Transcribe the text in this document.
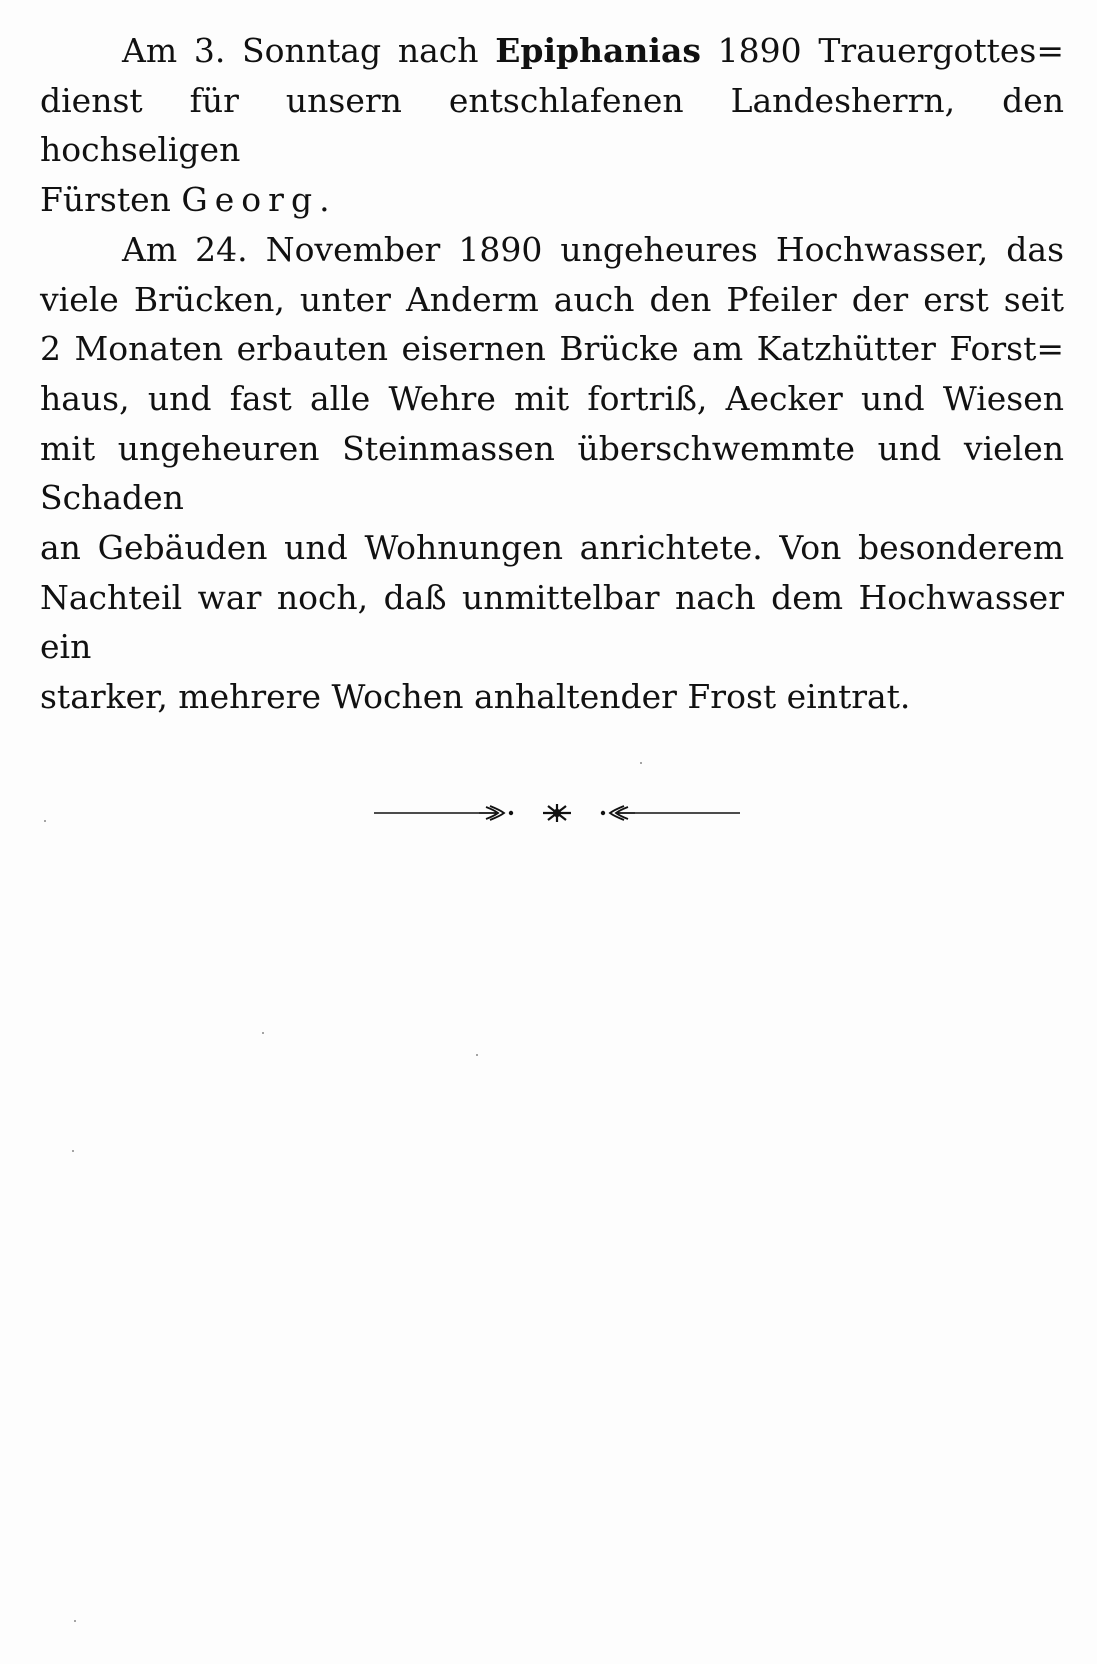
Am 3. Sonntag nach Epiphanias 1890 Trauergottes=
dienst für unsern entschlafenen Landesherrn, den hochseligen
Fürsten Georg.
Am 24. November 1890 ungeheures Hochwasser, das
viele Brücken, unter Anderm auch den Pfeiler der erst seit
2 Monaten erbauten eisernen Brücke am Katzhütter Forst=
haus, und fast alle Wehre mit fortriß, Aecker und Wiesen
mit ungeheuren Steinmassen überschwemmte und vielen Schaden
an Gebäuden und Wohnungen anrichtete. Von besonderem
Nachteil war noch, daß unmittelbar nach dem Hochwasser ein
starker, mehrere Wochen anhaltender Frost eintrat.
